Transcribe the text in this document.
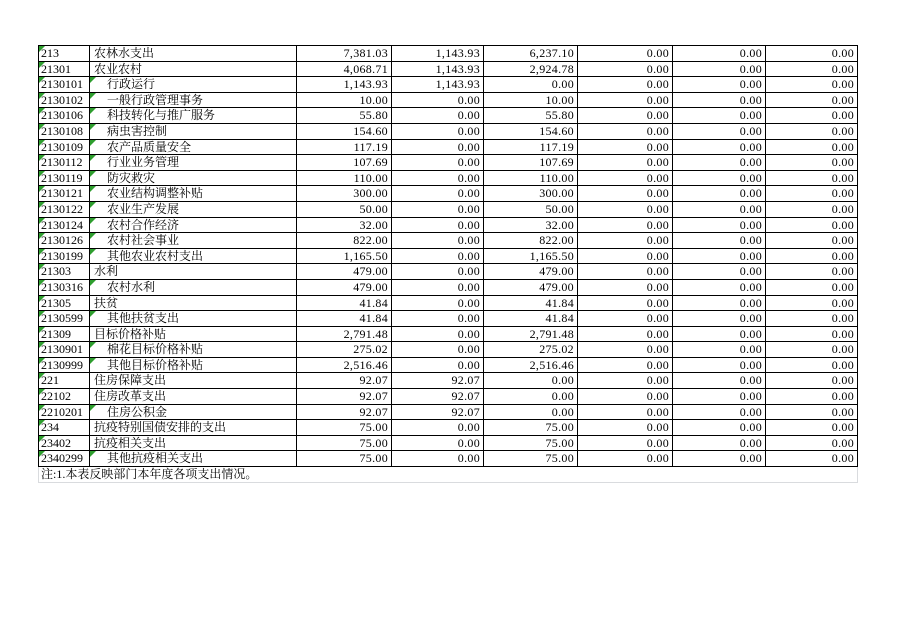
213	农林水支出	7,381.03	1,143.93	6,237.10	0.00	0.00	0.00
21301	农业农村	4,068.71	1,143.93	2,924.78	0.00	0.00	0.00
2130101	行政运行	1,143.93	1,143.93	0.00	0.00	0.00	0.00
2130102	一般行政管理事务	10.00	0.00	10.00	0.00	0.00	0.00
2130106	科技转化与推广服务	55.80	0.00	55.80	0.00	0.00	0.00
2130108	病虫害控制	154.60	0.00	154.60	0.00	0.00	0.00
2130109	农产品质量安全	117.19	0.00	117.19	0.00	0.00	0.00
2130112	行业业务管理	107.69	0.00	107.69	0.00	0.00	0.00
2130119	防灾救灾	110.00	0.00	110.00	0.00	0.00	0.00
2130121	农业结构调整补贴	300.00	0.00	300.00	0.00	0.00	0.00
2130122	农业生产发展	50.00	0.00	50.00	0.00	0.00	0.00
2130124	农村合作经济	32.00	0.00	32.00	0.00	0.00	0.00
2130126	农村社会事业	822.00	0.00	822.00	0.00	0.00	0.00
2130199	其他农业农村支出	1,165.50	0.00	1,165.50	0.00	0.00	0.00
21303	水利	479.00	0.00	479.00	0.00	0.00	0.00
2130316	农村水利	479.00	0.00	479.00	0.00	0.00	0.00
21305	扶贫	41.84	0.00	41.84	0.00	0.00	0.00
2130599	其他扶贫支出	41.84	0.00	41.84	0.00	0.00	0.00
21309	目标价格补贴	2,791.48	0.00	2,791.48	0.00	0.00	0.00
2130901	棉花目标价格补贴	275.02	0.00	275.02	0.00	0.00	0.00
2130999	其他目标价格补贴	2,516.46	0.00	2,516.46	0.00	0.00	0.00
221	住房保障支出	92.07	92.07	0.00	0.00	0.00	0.00
22102	住房改革支出	92.07	92.07	0.00	0.00	0.00	0.00
2210201	住房公积金	92.07	92.07	0.00	0.00	0.00	0.00
234	抗疫特别国债安排的支出	75.00	0.00	75.00	0.00	0.00	0.00
23402	抗疫相关支出	75.00	0.00	75.00	0.00	0.00	0.00
2340299	其他抗疫相关支出	75.00	0.00	75.00	0.00	0.00	0.00
注:1.本表反映部门本年度各项支出情况。
